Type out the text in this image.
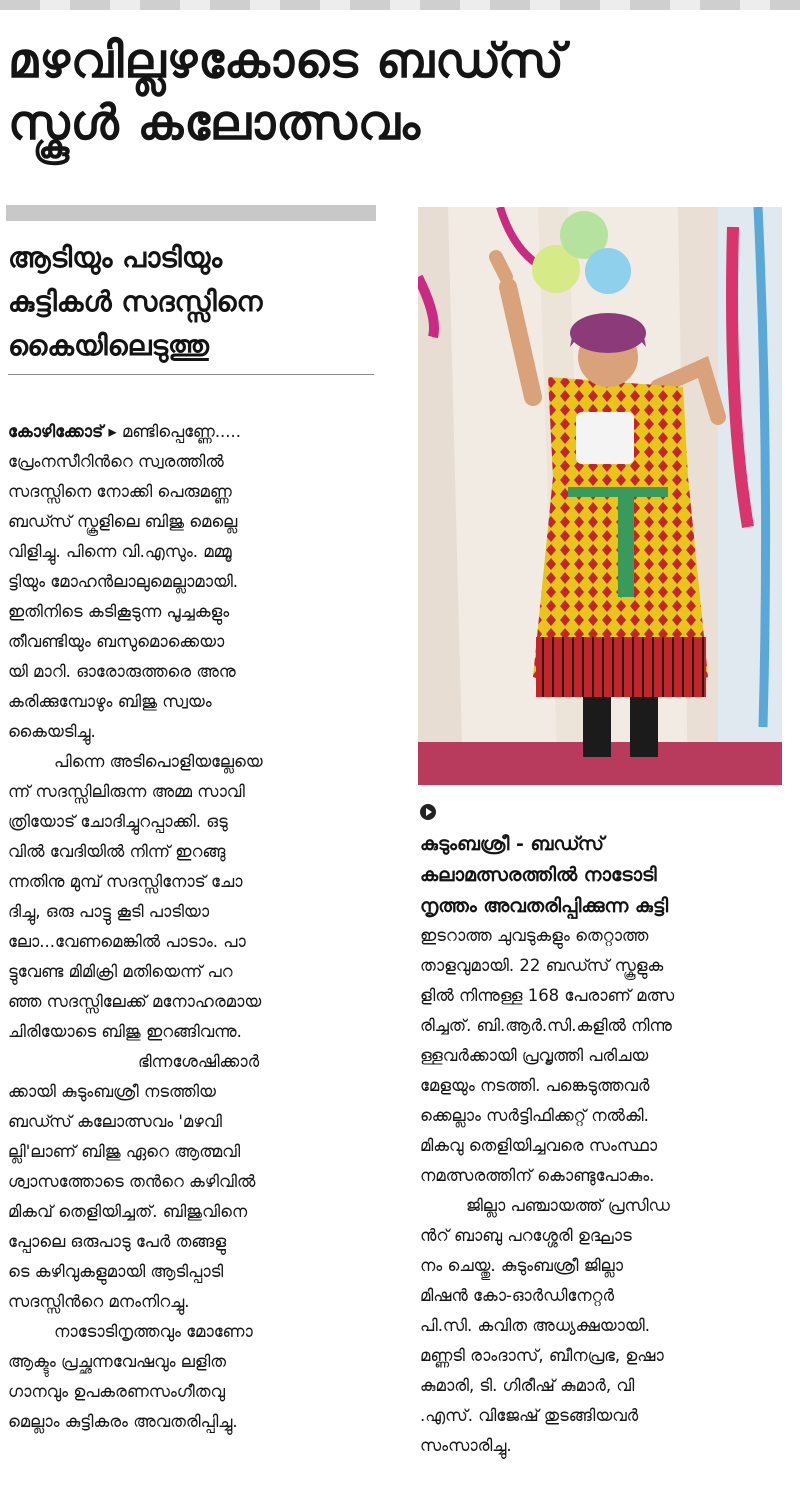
മഴവില്ലഴകോടെ ബഡ്സ്
സ്കൂൾ കലോത്സവം
ആടിയും പാടിയും
കുട്ടികൾ സദസ്സിനെ
കൈയിലെടുത്തു
കോഴിക്കോട് ▸ മണ്ടിപ്പെണ്ണേ.....
പ്രേംനസീറിന്‍റെ സ്വരത്തിൽ
സദസ്സിനെ നോക്കി പെരുമണ്ണ
ബഡ്സ് സ്കൂളിലെ ബിജു മെല്ലെ
വിളിച്ചു. പിന്നെ വി.എസും. മമ്മൂ
ട്ടിയും മോഹൻലാലുമെല്ലാമായി.
ഇതിനിടെ കടികൂടുന്ന പൂച്ചകളും
തീവണ്ടിയും ബസുമൊക്കെയാ
യി മാറി. ഓരോരുത്തരെ അനു
കരിക്കുമ്പോഴും ബിജു സ്വയം
കൈയടിച്ചു.
പിന്നെ അടിപൊളിയല്ലേയെ
ന്ന് സദസ്സിലിരുന്ന അമ്മ സാവി
ത്രിയോട് ചോദിച്ചുറപ്പാക്കി. ഒടു
വിൽ വേദിയിൽ നിന്ന് ഇറങ്ങു
ന്നതിനു മുമ്പ് സദസ്സിനോട് ചോ
ദിച്ചു, ഒരു പാട്ടു കൂടി പാടിയാ
ലോ...വേണമെങ്കിൽ പാടാം. പാ
ട്ടുവേണ്ട മിമിക്രി മതിയെന്ന് പറ
ഞ്ഞ സദസ്സിലേക്ക് മനോഹരമായ
ചിരിയോടെ ബിജു ഇറങ്ങിവന്നു.
ഭിന്നശേഷിക്കാർ
ക്കായി കുടുംബശ്രീ നടത്തിയ
ബഡ്സ് കലോത്സവം 'മഴവി
ല്ലി'ലാണ് ബിജു ഏറെ ആത്മവി
ശ്വാസത്തോടെ തന്‍റെ കഴിവിൽ
മികവ് തെളിയിച്ചത്. ബിജുവിനെ
പ്പോലെ ഒരുപാടു പേർ തങ്ങളു
ടെ കഴിവുകളുമായി ആടിപ്പാടി
സദസ്സിന്‍റെ മനംനിറച്ചു.
നാടോടിനൃത്തവും മോണോ
ആക്ടും പ്രച്ഛന്നവേഷവും ലളിത
ഗാനവും ഉപകരണസംഗീതവു
മെല്ലാം കുട്ടികരം അവതരിപ്പിച്ചു.
കുടുംബശ്രീ - ബഡ്സ്
കലാമത്സരത്തിൽ നാടോടി
നൃത്തം അവതരിപ്പിക്കുന്ന കുട്ടി
ഇടറാത്ത ചുവടുകളും തെറ്റാത്ത
താളവുമായി. 22 ബഡ്സ് സ്കൂളുക
ളിൽ നിന്നുള്ള 168 പേരാണ് മത്സ
രിച്ചത്. ബി.ആർ.സി.കളിൽ നിന്നു
ള്ളവർക്കായി പ്രവൃത്തി പരിചയ
മേളയും നടത്തി. പങ്കെടുത്തവർ
ക്കെല്ലാം സർട്ടിഫിക്കറ്റ് നൽകി.
മികവു തെളിയിച്ചവരെ സംസ്ഥാ
നമത്സരത്തിന് കൊണ്ടുപോകും.
ജില്ലാ പഞ്ചായത്ത് പ്രസിഡ
ന്‍റ് ബാബു പറശ്ശേരി ഉദ്ഘാട
നം ചെയ്തു. കുടുംബശ്രീ ജില്ലാ
മിഷൻ കോ-ഓർഡിനേറ്റർ
പി.സി. കവിത അധ്യക്ഷയായി.
മണ്ണടി രാംദാസ്, ബീനപ്രഭ, ഉഷാ
കുമാരി, ടി. ഗിരീഷ് കുമാർ, വി
.എസ്. വിജേഷ് തുടങ്ങിയവർ
സംസാരിച്ചു.
